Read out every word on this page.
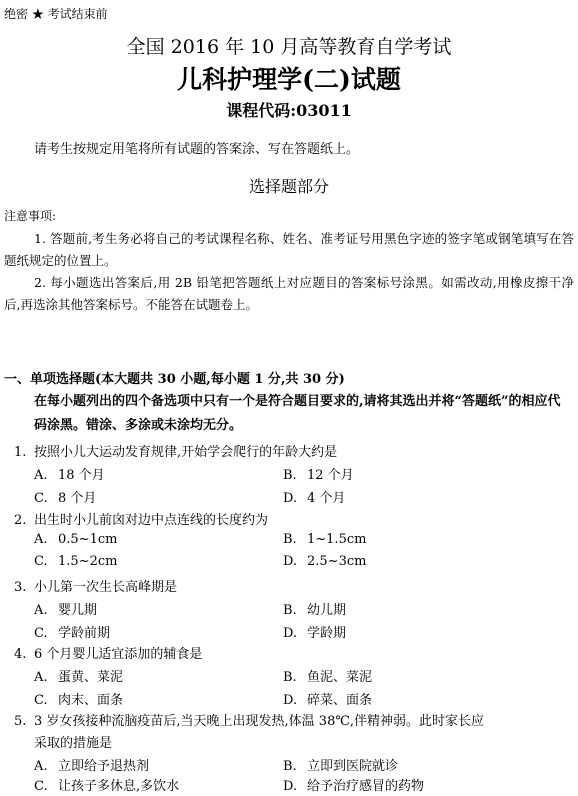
绝密 ★ 考试结束前
全国 2016 年 10 月高等教育自学考试
儿科护理学(二)试题
课程代码:03011
请考生按规定用笔将所有试题的答案涂、写在答题纸上。
选择题部分
注意事项:
1. 答题前,考生务必将自己的考试课程名称、姓名、准考证号用黑色字迹的签字笔或钢笔填写在答题纸规定的位置上。
2. 每小题选出答案后,用 2B 铅笔把答题纸上对应题目的答案标号涂黑。如需改动,用橡皮擦干净后,再选涂其他答案标号。不能答在试题卷上。
一、单项选择题(本大题共 30 小题,每小题 1 分,共 30 分)
在每小题列出的四个备选项中只有一个是符合题目要求的,请将其选出并将“答题纸”的相应代码涂黑。错涂、多涂或未涂均无分。
1. 按照小儿大运动发育规律,开始学会爬行的年龄大约是
A. 18 个月	B. 12 个月
C. 8 个月	D. 4 个月
2. 出生时小儿前囟对边中点连线的长度约为
A. 0.5~1cm	B. 1~1.5cm
C. 1.5~2cm	D. 2.5~3cm
3. 小儿第一次生长高峰期是
A. 婴儿期	B. 幼儿期
C. 学龄前期	D. 学龄期
4. 6 个月婴儿适宜添加的辅食是
A. 蛋黄、菜泥	B. 鱼泥、菜泥
C. 肉末、面条	D. 碎菜、面条
5. 3 岁女孩接种流脑疫苗后,当天晚上出现发热,体温 38℃,伴精神弱。此时家长应
采取的措施是
A. 立即给予退热剂	B. 立即到医院就诊
C. 让孩子多休息,多饮水	D. 给予治疗感冒的药物
